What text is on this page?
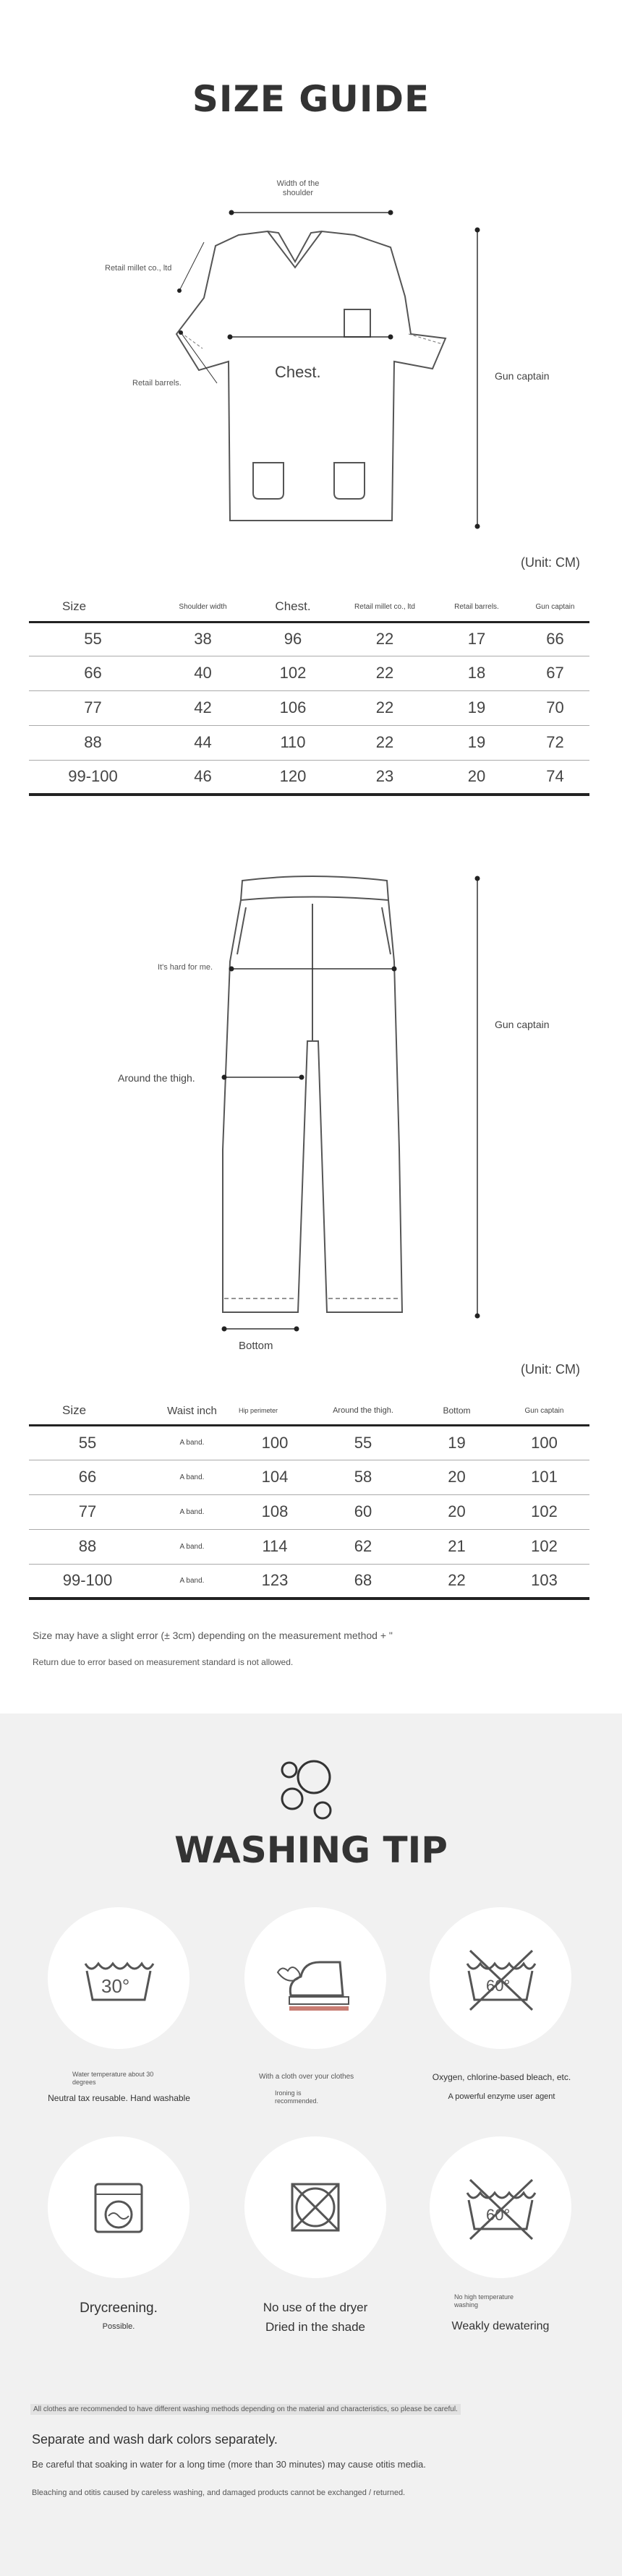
SIZE GUIDE
Width of the shoulder
Retail millet co., ltd
Retail barrels.
Chest.	Gun captain
(Unit: CM)
Size	Shoulder width	Chest.	Retail millet co., ltd	Retail barrels.	Gun captain
55	38	96	22	17	66
66	40	102	22	18	67
77	42	106	22	19	70
88	44	110	22	19	72
99-100	46	120	23	20	74
It's hard for me.
Around the thigh.
Bottom
Gun captain
(Unit: CM)
Size	Waist inch	Hip perimeter	Around the thigh.	Bottom	Gun captain
55	A band.	100	55	19	100
66	A band.	104	58	20	101
77	A band.	108	60	20	102
88	A band.	114	62	21	102
99-100	A band.	123	68	22	103
Size may have a slight error (± 3cm) depending on the measurement method + "
Return due to error based on measurement standard is not allowed.
WASHING TIP
30°	60°
Water temperature about 30 degrees
Neutral tax reusable. Hand washable
With a cloth over your clothes
Ironing is recommended.
Oxygen, chlorine-based bleach, etc.
A powerful enzyme user agent
60°
Drycreening.
Possible.
No use of the dryer
Dried in the shade
No high temperature washing
Weakly dewatering
All clothes are recommended to have different washing methods depending on the material and characteristics, so please be careful.
Separate and wash dark colors separately.
Be careful that soaking in water for a long time (more than 30 minutes) may cause otitis media.
Bleaching and otitis caused by careless washing, and damaged products cannot be exchanged / returned.
